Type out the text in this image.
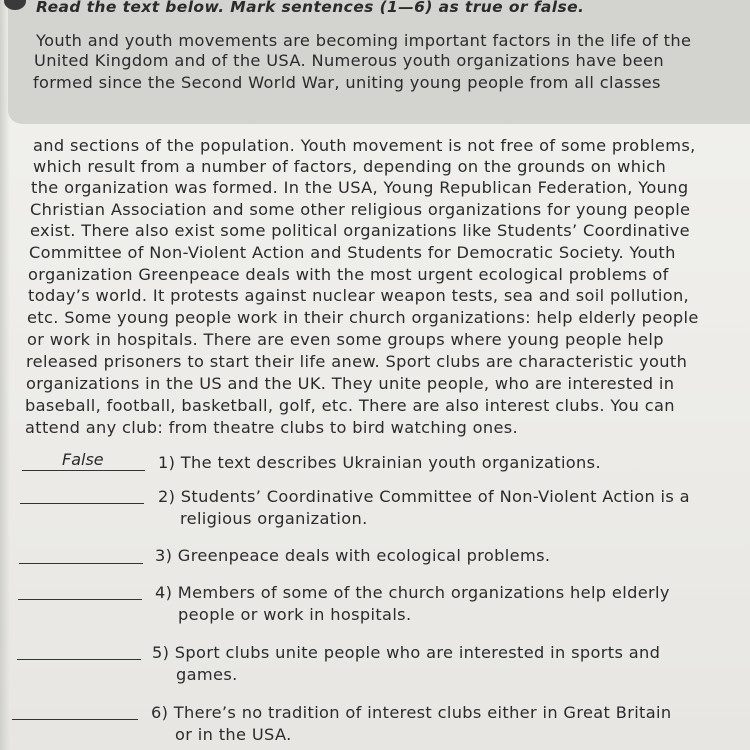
Read the text below. Mark sentences (1—6) as true or false.

Youth and youth movements are becoming important factors in the life of the

United Kingdom and of the USA. Numerous youth organizations have been

formed since the Second World War, uniting young people from all classes

and sections of the population. Youth movement is not free of some problems,

which result from a number of factors, depending on the grounds on which

the organization was formed. In the USA, Young Republican Federation, Young

Christian Association and some other religious organizations for young people

exist. There also exist some political organizations like Students’ Coordinative

Committee of Non-Violent Action and Students for Democratic Society. Youth

organization Greenpeace deals with the most urgent ecological problems of

today’s world. It protests against nuclear weapon tests, sea and soil pollution,

etc. Some young people work in their church organizations: help elderly people

or work in hospitals. There are even some groups where young people help

released prisoners to start their life anew. Sport clubs are characteristic youth

organizations in the US and the UK. They unite people, who are interested in

baseball, football, basketball, golf, etc. There are also interest clubs. You can

attend any club: from theatre clubs to bird watching ones.

False	1) The text describes Ukrainian youth organizations.

2) Students’ Coordinative Committee of Non-Violent Action is a

religious organization.

3) Greenpeace deals with ecological problems.

4) Members of some of the church organizations help elderly

people or work in hospitals.

5) Sport clubs unite people who are interested in sports and

games.

6) There’s no tradition of interest clubs either in Great Britain

or in the USA.
